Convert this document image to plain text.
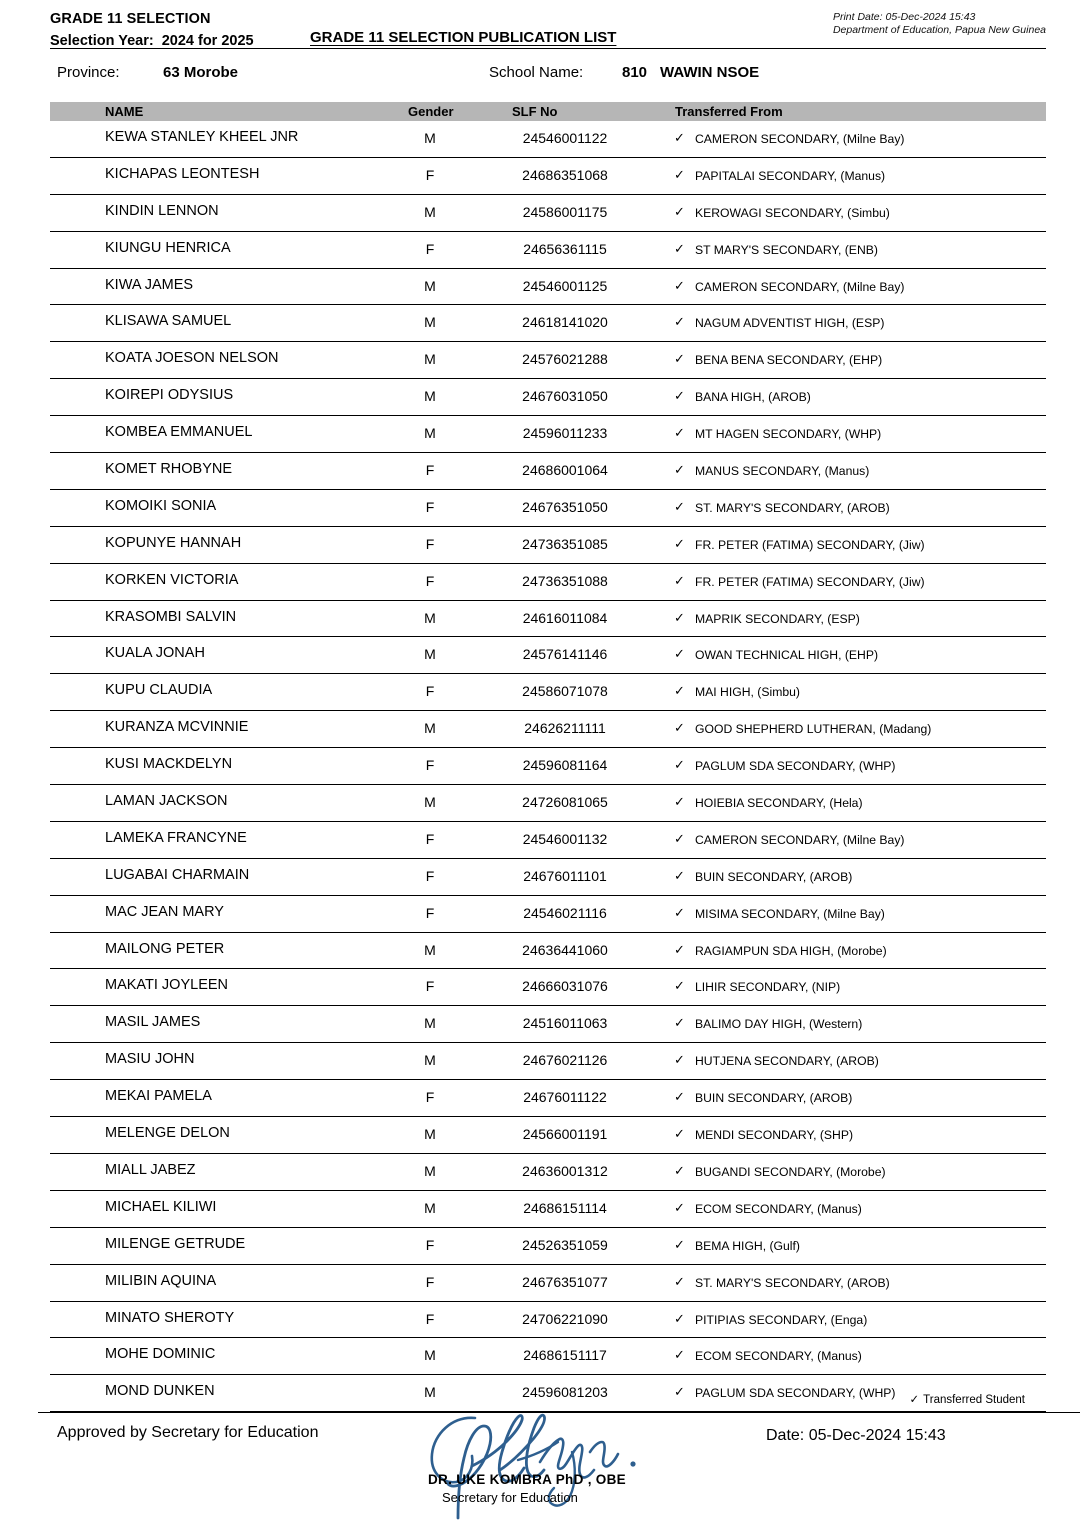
GRADE 11 SELECTION
Selection Year: 2024 for 2025	GRADE 11 SELECTION PUBLICATION LIST
Print Date: 05-Dec-2024 15:43
Department of Education, Papua New Guinea
Province:	63 Morobe	School Name:	810 WAWIN NSOE
NAME	Gender	SLF No	Transferred From
KEWA STANLEY KHEEL JNR	M	24546001122	✓ CAMERON SECONDARY, (Milne Bay)
KICHAPAS LEONTESH	F	24686351068	✓ PAPITALAI SECONDARY, (Manus)
KINDIN LENNON	M	24586001175	✓ KEROWAGI SECONDARY, (Simbu)
KIUNGU HENRICA	F	24656361115	✓ ST MARY'S SECONDARY, (ENB)
KIWA JAMES	M	24546001125	✓ CAMERON SECONDARY, (Milne Bay)
KLISAWA SAMUEL	M	24618141020	✓ NAGUM ADVENTIST HIGH, (ESP)
KOATA JOESON NELSON	M	24576021288	✓ BENA BENA SECONDARY, (EHP)
KOIREPI ODYSIUS	M	24676031050	✓ BANA HIGH, (AROB)
KOMBEA EMMANUEL	M	24596011233	✓ MT HAGEN SECONDARY, (WHP)
KOMET RHOBYNE	F	24686001064	✓ MANUS SECONDARY, (Manus)
KOMOIKI SONIA	F	24676351050	✓ ST. MARY'S SECONDARY, (AROB)
KOPUNYE HANNAH	F	24736351085	✓ FR. PETER (FATIMA) SECONDARY, (Jiw)
KORKEN VICTORIA	F	24736351088	✓ FR. PETER (FATIMA) SECONDARY, (Jiw)
KRASOMBI SALVIN	M	24616011084	✓ MAPRIK SECONDARY, (ESP)
KUALA JONAH	M	24576141146	✓ OWAN TECHNICAL HIGH, (EHP)
KUPU CLAUDIA	F	24586071078	✓ MAI HIGH, (Simbu)
KURANZA MCVINNIE	M	24626211111	✓ GOOD SHEPHERD LUTHERAN, (Madang)
KUSI MACKDELYN	F	24596081164	✓ PAGLUM SDA SECONDARY, (WHP)
LAMAN JACKSON	M	24726081065	✓ HOIEBIA SECONDARY, (Hela)
LAMEKA FRANCYNE	F	24546001132	✓ CAMERON SECONDARY, (Milne Bay)
LUGABAI CHARMAIN	F	24676011101	✓ BUIN SECONDARY, (AROB)
MAC JEAN MARY	F	24546021116	✓ MISIMA SECONDARY, (Milne Bay)
MAILONG PETER	M	24636441060	✓ RAGIAMPUN SDA HIGH, (Morobe)
MAKATI JOYLEEN	F	24666031076	✓ LIHIR SECONDARY, (NIP)
MASIL JAMES	M	24516011063	✓ BALIMO DAY HIGH, (Western)
MASIU JOHN	M	24676021126	✓ HUTJENA SECONDARY, (AROB)
MEKAI PAMELA	F	24676011122	✓ BUIN SECONDARY, (AROB)
MELENGE DELON	M	24566001191	✓ MENDI SECONDARY, (SHP)
MIALL JABEZ	M	24636001312	✓ BUGANDI SECONDARY, (Morobe)
MICHAEL KILIWI	M	24686151114	✓ ECOM SECONDARY, (Manus)
MILENGE GETRUDE	F	24526351059	✓ BEMA HIGH, (Gulf)
MILIBIN AQUINA	F	24676351077	✓ ST. MARY'S SECONDARY, (AROB)
MINATO SHEROTY	F	24706221090	✓ PITIPIAS SECONDARY, (Enga)
MOHE DOMINIC	M	24686151117	✓ ECOM SECONDARY, (Manus)
MOND DUNKEN	M	24596081203	✓ PAGLUM SDA SECONDARY, (WHP) ✓ Transferred Student
Approved by Secretary for Education
DR. UKE KOMBRA PhD , OBE
Secretary for Education
Date: 05-Dec-2024 15:43
